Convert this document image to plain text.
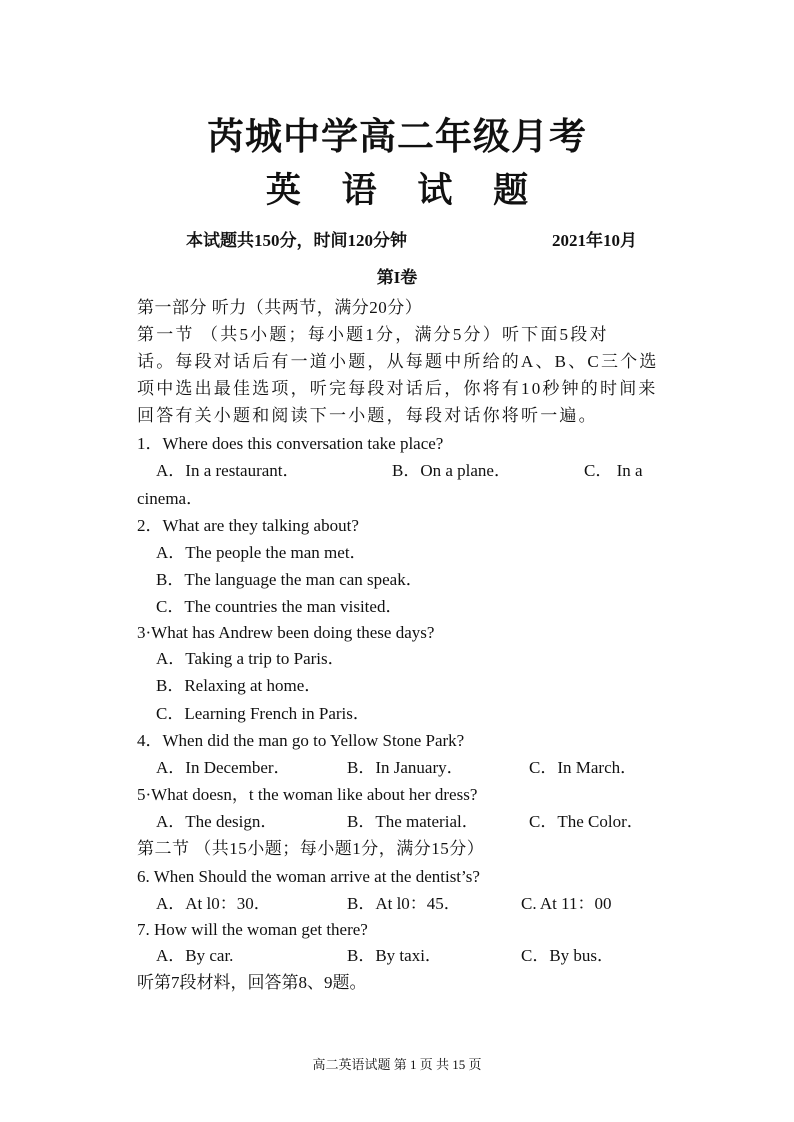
芮城中学高二年级月考
英 语 试 题
本试题共150分，时间120分钟	2021年10月
第I卷
第一部分 听力（共两节，满分20分）
第一节 （共5小题；每小题1分，满分5分）听下面5段对
话。每段对话后有一道小题，从每题中所给的A、B、C三个选
项中选出最佳选项，听完每段对话后，你将有10秒钟的时间来
回答有关小题和阅读下一小题，每段对话你将听一遍。
1．Where does this conversation take place?
A．In a restaurant．	B．On a plane．	C． In a
cinema．
2．What are they talking about?
A．The people the man met．
B．The language the man can speak．
C．The countries the man visited．
3·What has Andrew been doing these days?
A．Taking a trip to Paris．
B．Relaxing at home．
C．Learning French in Paris．
4．When did the man go to Yellow Stone Park?
A．In December．	B．In January．	C．In March．
5·What doesn，t the woman like about her dress?
A．The design．	B．The material．	C．The Color．
第二节 （共15小题；每小题1分，满分15分）
6. When Should the woman arrive at the dentist’s?
A．At l0：30．	B．At l0：45．	C. At 11：00
7. How will the woman get there?
A．By car.	B．By taxi．	C．By bus．
听第7段材料，回答第8、9题。
高二英语试题 第 1 页 共 15 页
